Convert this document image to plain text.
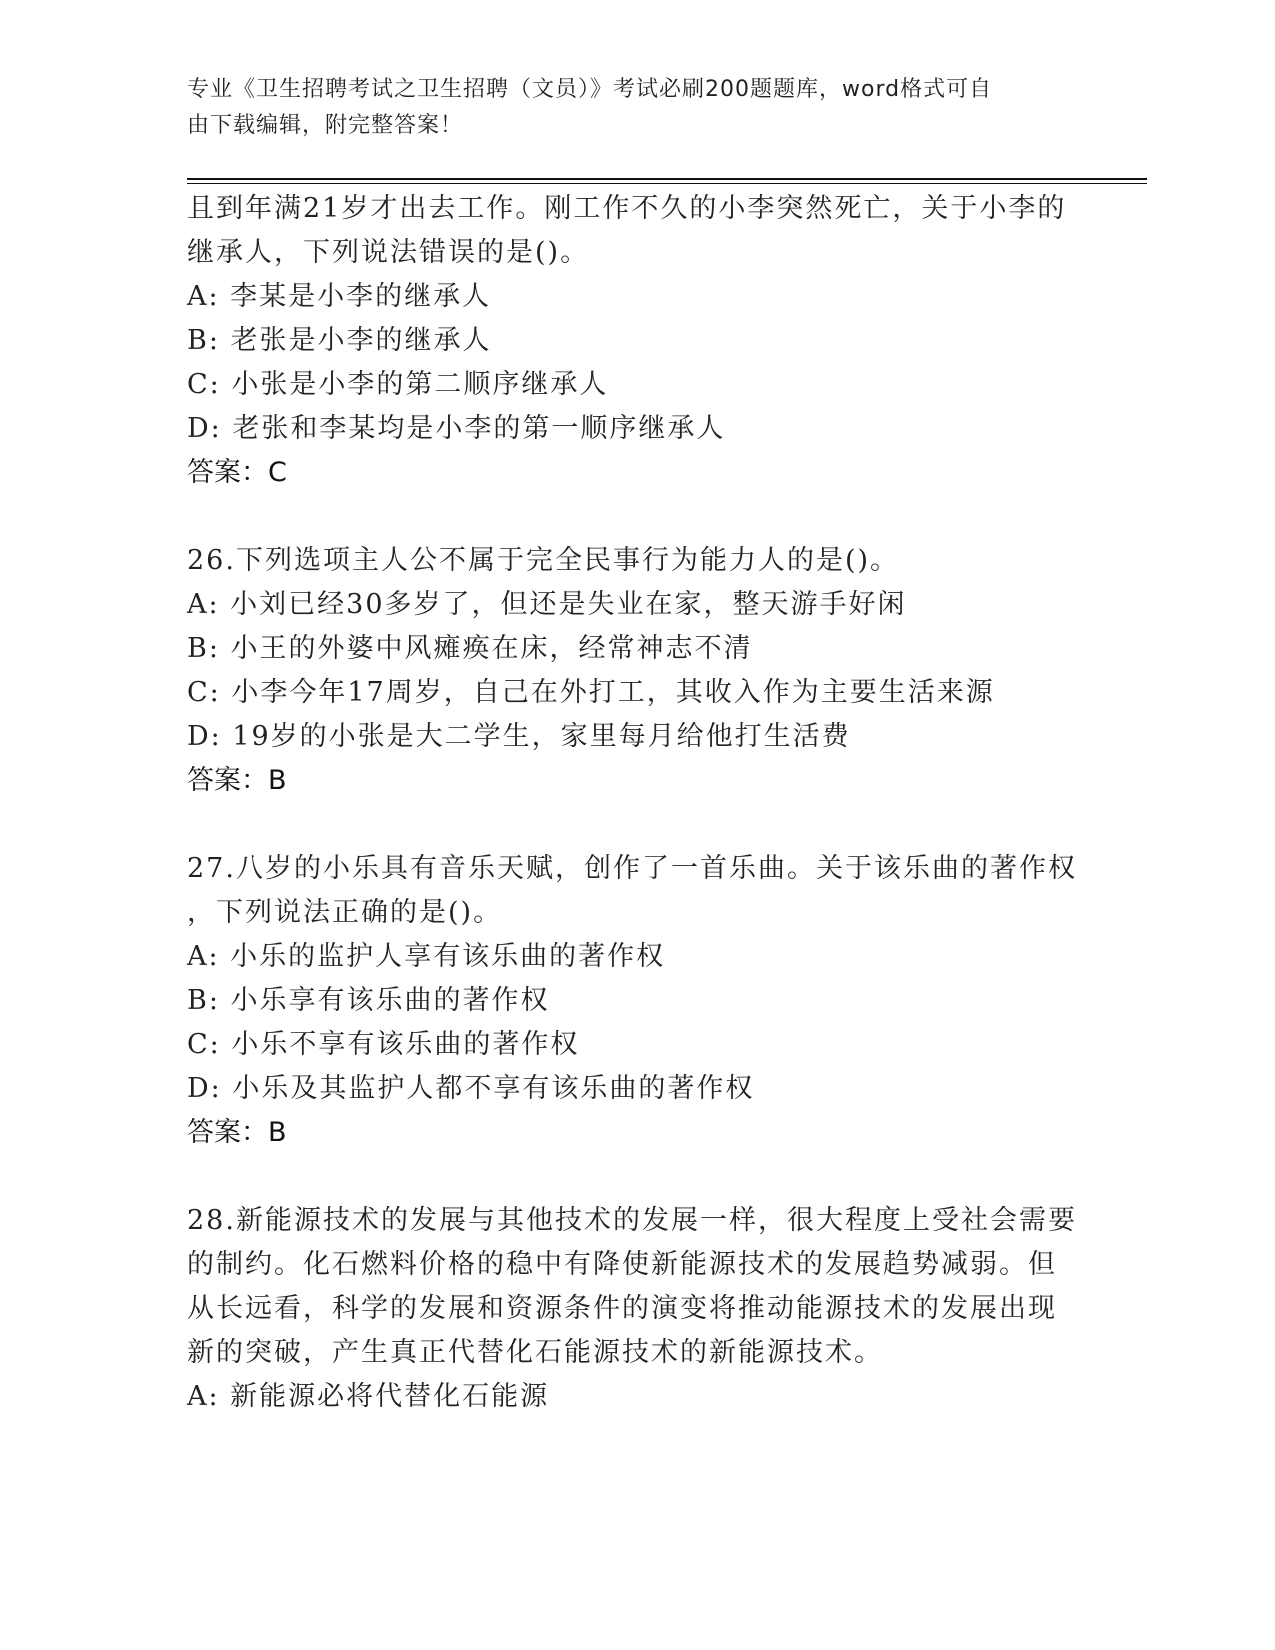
专业《卫生招聘考试之卫生招聘（文员）》考试必刷200题题库，word格式可自
由下载编辑，附完整答案！
且到年满21岁才出去工作。刚工作不久的小李突然死亡，关于小李的
继承人，下列说法错误的是()。
A: 李某是小李的继承人
B: 老张是小李的继承人
C: 小张是小李的第二顺序继承人
D: 老张和李某均是小李的第一顺序继承人
答案：C
26.下列选项主人公不属于完全民事行为能力人的是()。
A: 小刘已经30多岁了，但还是失业在家，整天游手好闲
B: 小王的外婆中风瘫痪在床，经常神志不清
C: 小李今年17周岁，自己在外打工，其收入作为主要生活来源
D: 19岁的小张是大二学生，家里每月给他打生活费
答案：B
27.八岁的小乐具有音乐天赋，创作了一首乐曲。关于该乐曲的著作权
，下列说法正确的是()。
A: 小乐的监护人享有该乐曲的著作权
B: 小乐享有该乐曲的著作权
C: 小乐不享有该乐曲的著作权
D: 小乐及其监护人都不享有该乐曲的著作权
答案：B
28.新能源技术的发展与其他技术的发展一样，很大程度上受社会需要
的制约。化石燃料价格的稳中有降使新能源技术的发展趋势减弱。但
从长远看，科学的发展和资源条件的演变将推动能源技术的发展出现
新的突破，产生真正代替化石能源技术的新能源技术。
A: 新能源必将代替化石能源
